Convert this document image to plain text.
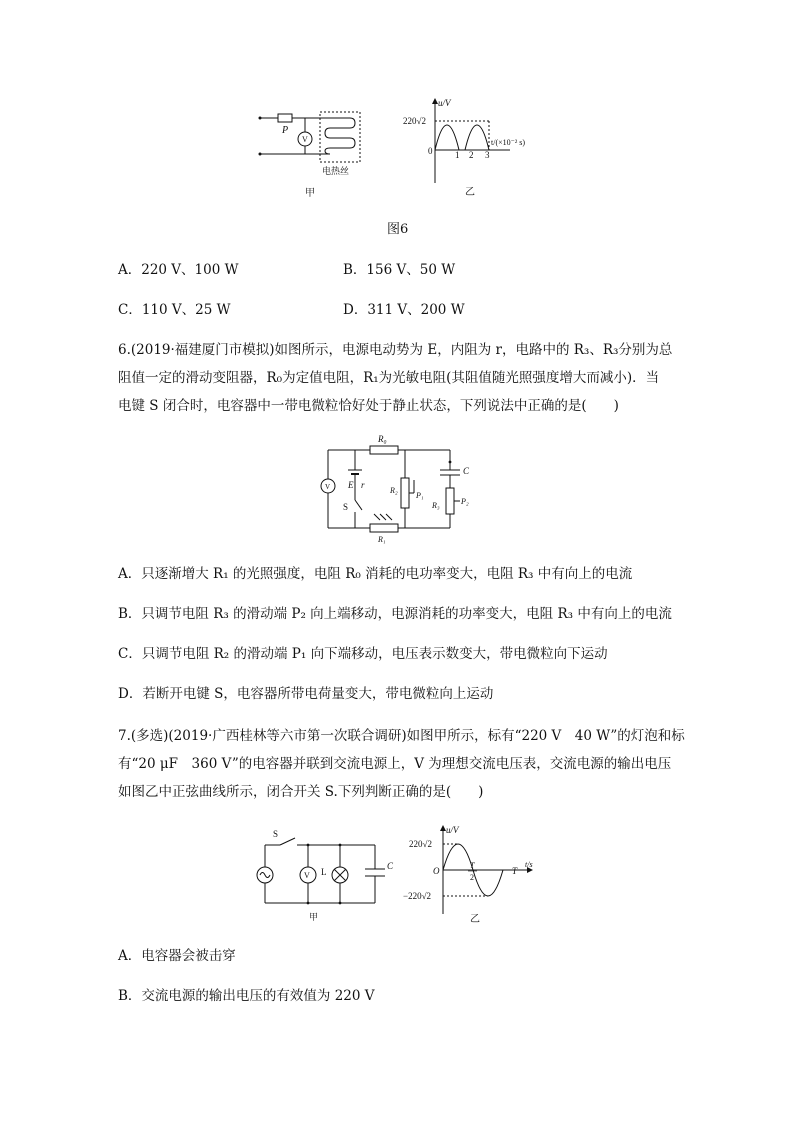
P
V
电热丝
甲
u/V
220√2
0	1 2 3
t/(×10⁻² s)
乙
图6
A．220 V、100 W	B．156 V、50 W
C．110 V、25 W	D．311 V、200 W
6.(2019·福建厦门市模拟)如图所示，电源电动势为 E，内阻为 r，电路中的 R₃、R₃分别为总
阻值一定的滑动变阻器，R₀为定值电阻，R₁为光敏电阻(其阻值随光照强度增大而减小)．当
电键 S 闭合时，电容器中一带电微粒恰好处于静止状态，下列说法中正确的是(　　)
V
R₀
C
E r
R₂
P₁
R₃	P₂
S
R₁
A．只逐渐增大 R₁ 的光照强度，电阻 R₀ 消耗的电功率变大，电阻 R₃ 中有向上的电流
B．只调节电阻 R₃ 的滑动端 P₂ 向上端移动，电源消耗的功率变大，电阻 R₃ 中有向上的电流
C．只调节电阻 R₂ 的滑动端 P₁ 向下端移动，电压表示数变大，带电微粒向下运动
D．若断开电键 S，电容器所带电荷量变大，带电微粒向上运动
7.(多选)(2019·广西桂林等六市第一次联合调研)如图甲所示，标有“220 V　40 W”的灯泡和标
有“20 μF　360 V”的电容器并联到交流电源上，V 为理想交流电压表，交流电源的输出电压
如图乙中正弦曲线所示，闭合开关 S.下列判断正确的是(　　)
S
V L
C
甲
u/V
220√2
−220√2
O
T
2
T
t/s
乙
A．电容器会被击穿
B．交流电源的输出电压的有效值为 220 V
